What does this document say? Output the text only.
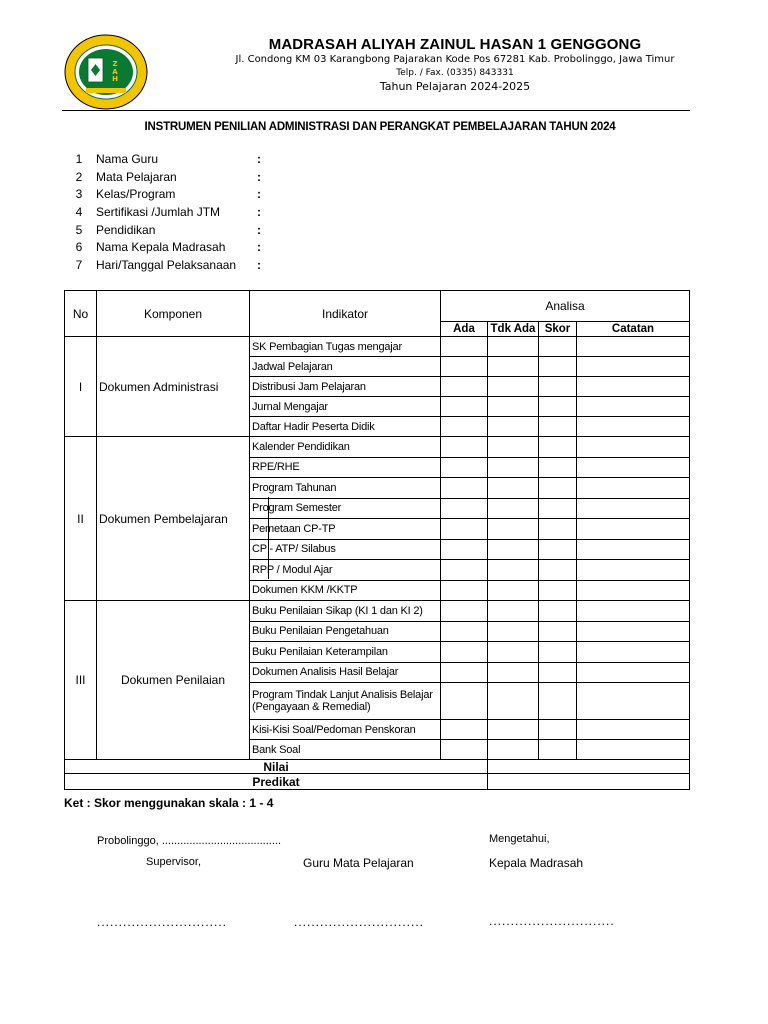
Z
A
H
MADRASAH ALIYAH ZAINUL HASAN 1 GENGGONG
Jl. Condong KM 03 Karangbong Pajarakan Kode Pos 67281 Kab. Probolinggo, Jawa Timur
Telp. / Fax. (0335) 843331
Tahun Pelajaran 2024-2025
INSTRUMEN PENILIAN ADMINISTRASI DAN PERANGKAT PEMBELAJARAN TAHUN 2024
1	Nama Guru	:
2	Mata Pelajaran	:
3	Kelas/Program	:
4	Sertifikasi /Jumlah JTM	:
5	Pendidikan	:
6	Nama Kepala Madrasah	:
7	Hari/Tanggal Pelaksanaan :
No	Komponen	Indikator	Analisa			
			Ada	Tdk Ada	Skor	Catatan
I	Dokumen Administrasi	SK Pembagian Tugas mengajar				
		Jadwal Pelajaran				
		Distribusi Jam Pelajaran				
		Jurnal Mengajar				
		Daftar Hadir Peserta Didik				
II	Dokumen Pembelajaran	Kalender Pendidikan				
		RPE/RHE				
		Program Tahunan				
		Program Semester				
		Pemetaan CP-TP				
		CP - ATP/ Silabus				
		RPP / Modul Ajar				
		Dokumen KKM /KKTP				
III	Dokumen Penilaian	Buku Penilaian Sikap (KI 1 dan KI 2)				
		Buku Penilaian Pengetahuan				
		Buku Penilaian Keterampilan				
		Dokumen Analisis Hasil Belajar				
		Program Tindak Lanjut Analisis Belajar (Pengayaan & Remedial)				
		Kisi-Kisi Soal/Pedoman Penskoran				
		Bank Soal				
Nilai						
Predikat						
Ket : Skor menggunakan skala : 1 - 4
Probolinggo, .......................................	Mengetahui,
Supervisor,	Guru Mata Pelajaran	Kepala Madrasah
..............................	..............................	.............................
